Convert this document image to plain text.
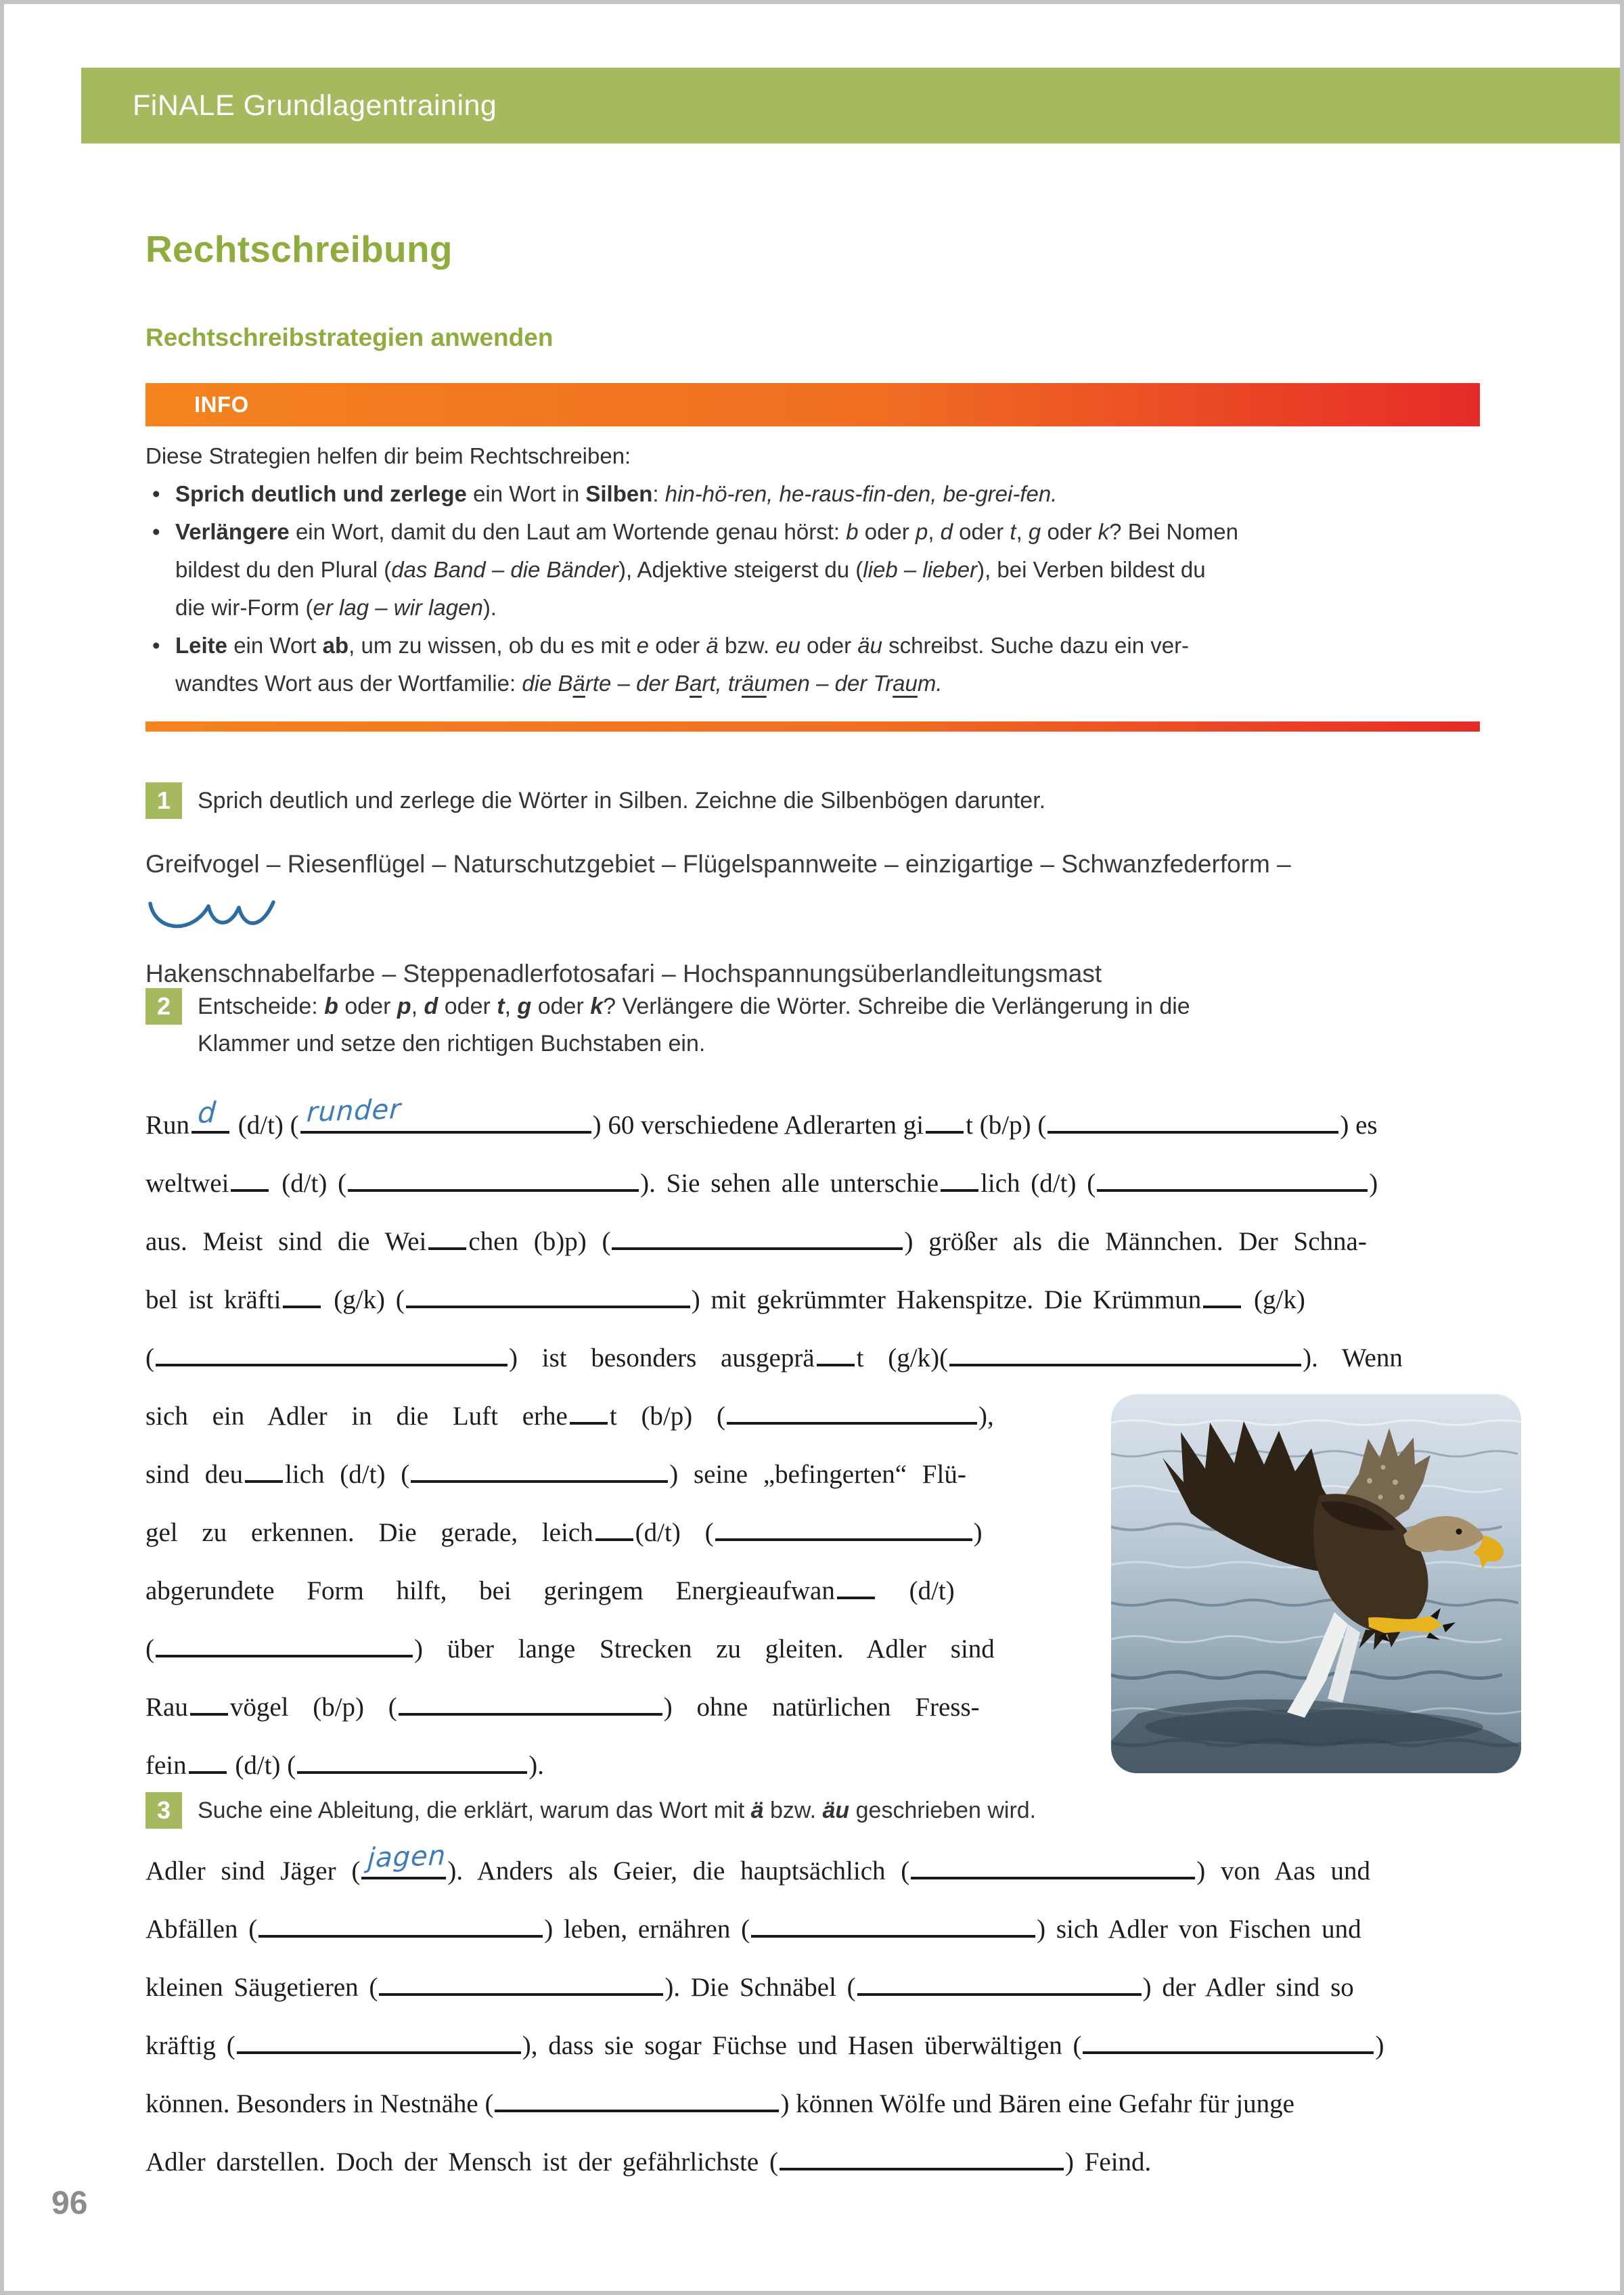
FiNALE Grundlagentraining
Rechtschreibung
Rechtschreibstrategien anwenden
INFO

Diese Strategien helfen dir beim Rechtschreiben:

• Sprich deutlich und zerlege ein Wort in Silben: hin-hö-ren, he-raus-fin-den, be-grei-fen.
• Verlängere ein Wort, damit du den Laut am Wortende genau hörst: b oder p, d oder t, g oder k? Bei Nomen
bildest du den Plural (das Band – die Bänder), Adjektive steigerst du (lieb – lieber), bei Verben bildest du
die wir-Form (er lag – wir lagen).
• Leite ein Wort ab, um zu wissen, ob du es mit e oder ä bzw. eu oder äu schreibst. Suche dazu ein ver-
wandtes Wort aus der Wortfamilie: die Bärte – der Bart, träumen – der Traum.
1	Sprich deutlich und zerlege die Wörter in Silben. Zeichne die Silbenbögen darunter.
Greifvogel – Riesenflügel – Naturschutzgebiet – Flügelspannweite – einzigartige – Schwanzfederform –
Hakenschnabelfarbe – Steppenadlerfotosafari – Hochspannungsüberlandleitungsmast
2	Entscheide: b oder p, d oder t, g oder k? Verlängere die Wörter. Schreibe die Verlängerung in die
Klammer und setze den richtigen Buchstaben ein.
Run d (d/t) ( runder	) 60 verschiedene Adlerarten gi t (b/p) (	) es
weltwei (d/t) (	). Sie sehen alle unterschie lich (d/t) (	)
aus. Meist sind die Wei chen (b)p) (	) größer als die Männchen. Der Schna-
bel ist kräfti (g/k) (	) mit gekrümmter Hakenspitze. Die Krümmun (g/k)
(	) ist besonders ausgeprä t (g/k)(	). Wenn
sich ein Adler in die Luft erhe t (b/p) (	),
sind deu lich (d/t) (	) seine „befingerten“ Flü-
gel zu erkennen. Die gerade, leich (d/t) (	)
abgerundete Form hilft, bei geringem Energieaufwan (d/t)
(	) über lange Strecken zu gleiten. Adler sind
Rau vögel (b/p) (	) ohne natürlichen Fress-
fein (d/t) (	).
3	Suche eine Ableitung, die erklärt, warum das Wort mit ä bzw. äu geschrieben wird.
Adler sind Jäger ( jagen ). Anders als Geier, die hauptsächlich (	) von Aas und
Abfällen (	) leben, ernähren (	) sich Adler von Fischen und
kleinen Säugetieren (	). Die Schnäbel (	) der Adler sind so
kräftig (	), dass sie sogar Füchse und Hasen überwältigen (	)
können. Besonders in Nestnähe (	) können Wölfe und Bären eine Gefahr für junge
Adler darstellen. Doch der Mensch ist der gefährlichste (	) Feind.
96
